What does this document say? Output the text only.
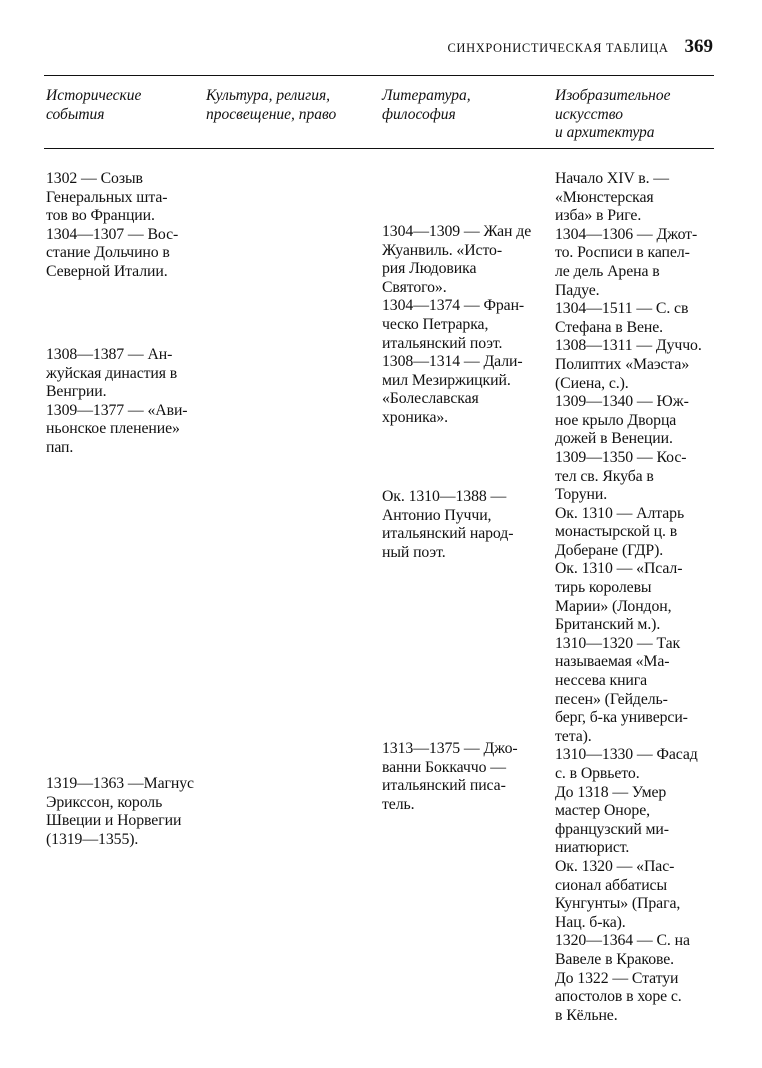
СИНХРОНИСТИЧЕСКАЯ ТАБЛИЦА 369
Исторические
события
Культура, религия,
просвещение, право
Литература,
философия
Изобразительное
искусство
и архитектура
1302 — Созыв
Генеральных шта-
тов во Франции.
1304—1307 — Вос-
стание Дольчино в
Северной Италии.
1308—1387 — Ан-
жуйская династия в
Венгрии.
1309—1377 — «Ави-
ньонское пленение»
пап.
1319—1363 —Магнус
Эрикссон, король
Швеции и Норвегии
(1319—1355).
1304—1309 — Жан де
Жуанвиль. «Исто-
рия Людовика
Святого».
1304—1374 — Фран-
ческо Петрарка,
итальянский поэт.
1308—1314 — Дали-
мил Мезиржицкий.
«Болеславская
хроника».
Ок. 1310—1388 —
Антонио Пуччи,
итальянский народ-
ный поэт.
1313—1375 — Джо-
ванни Боккаччо —
итальянский писа-
тель.
Начало XIV в. —
«Мюнстерская
изба» в Риге.
1304—1306 — Джот-
то. Росписи в капел-
ле дель Арена в
Падуе.
1304—1511 — С. св
Стефана в Вене.
1308—1311 — Дуччо.
Полиптих «Маэста»
(Сиена, с.).
1309—1340 — Юж-
ное крыло Дворца
дожей в Венеции.
1309—1350 — Кос-
тел св. Якуба в
Торуни.
Ок. 1310 — Алтарь
монастырской ц. в
Доберане (ГДР).
Ок. 1310 — «Псал-
тирь королевы
Марии» (Лондон,
Британский м.).
1310—1320 — Так
называемая «Ма-
нессева книга
песен» (Гейдель-
берг, б-ка универси-
тета).
1310—1330 — Фасад
с. в Орвьето.
До 1318 — Умер
мастер Оноре,
французский ми-
ниатюрист.
Ок. 1320 — «Пас-
сионал аббатисы
Кунгунты» (Прага,
Нац. б-ка).
1320—1364 — С. на
Вавеле в Кракове.
До 1322 — Статуи
апостолов в хоре с.
в Кёльне.
